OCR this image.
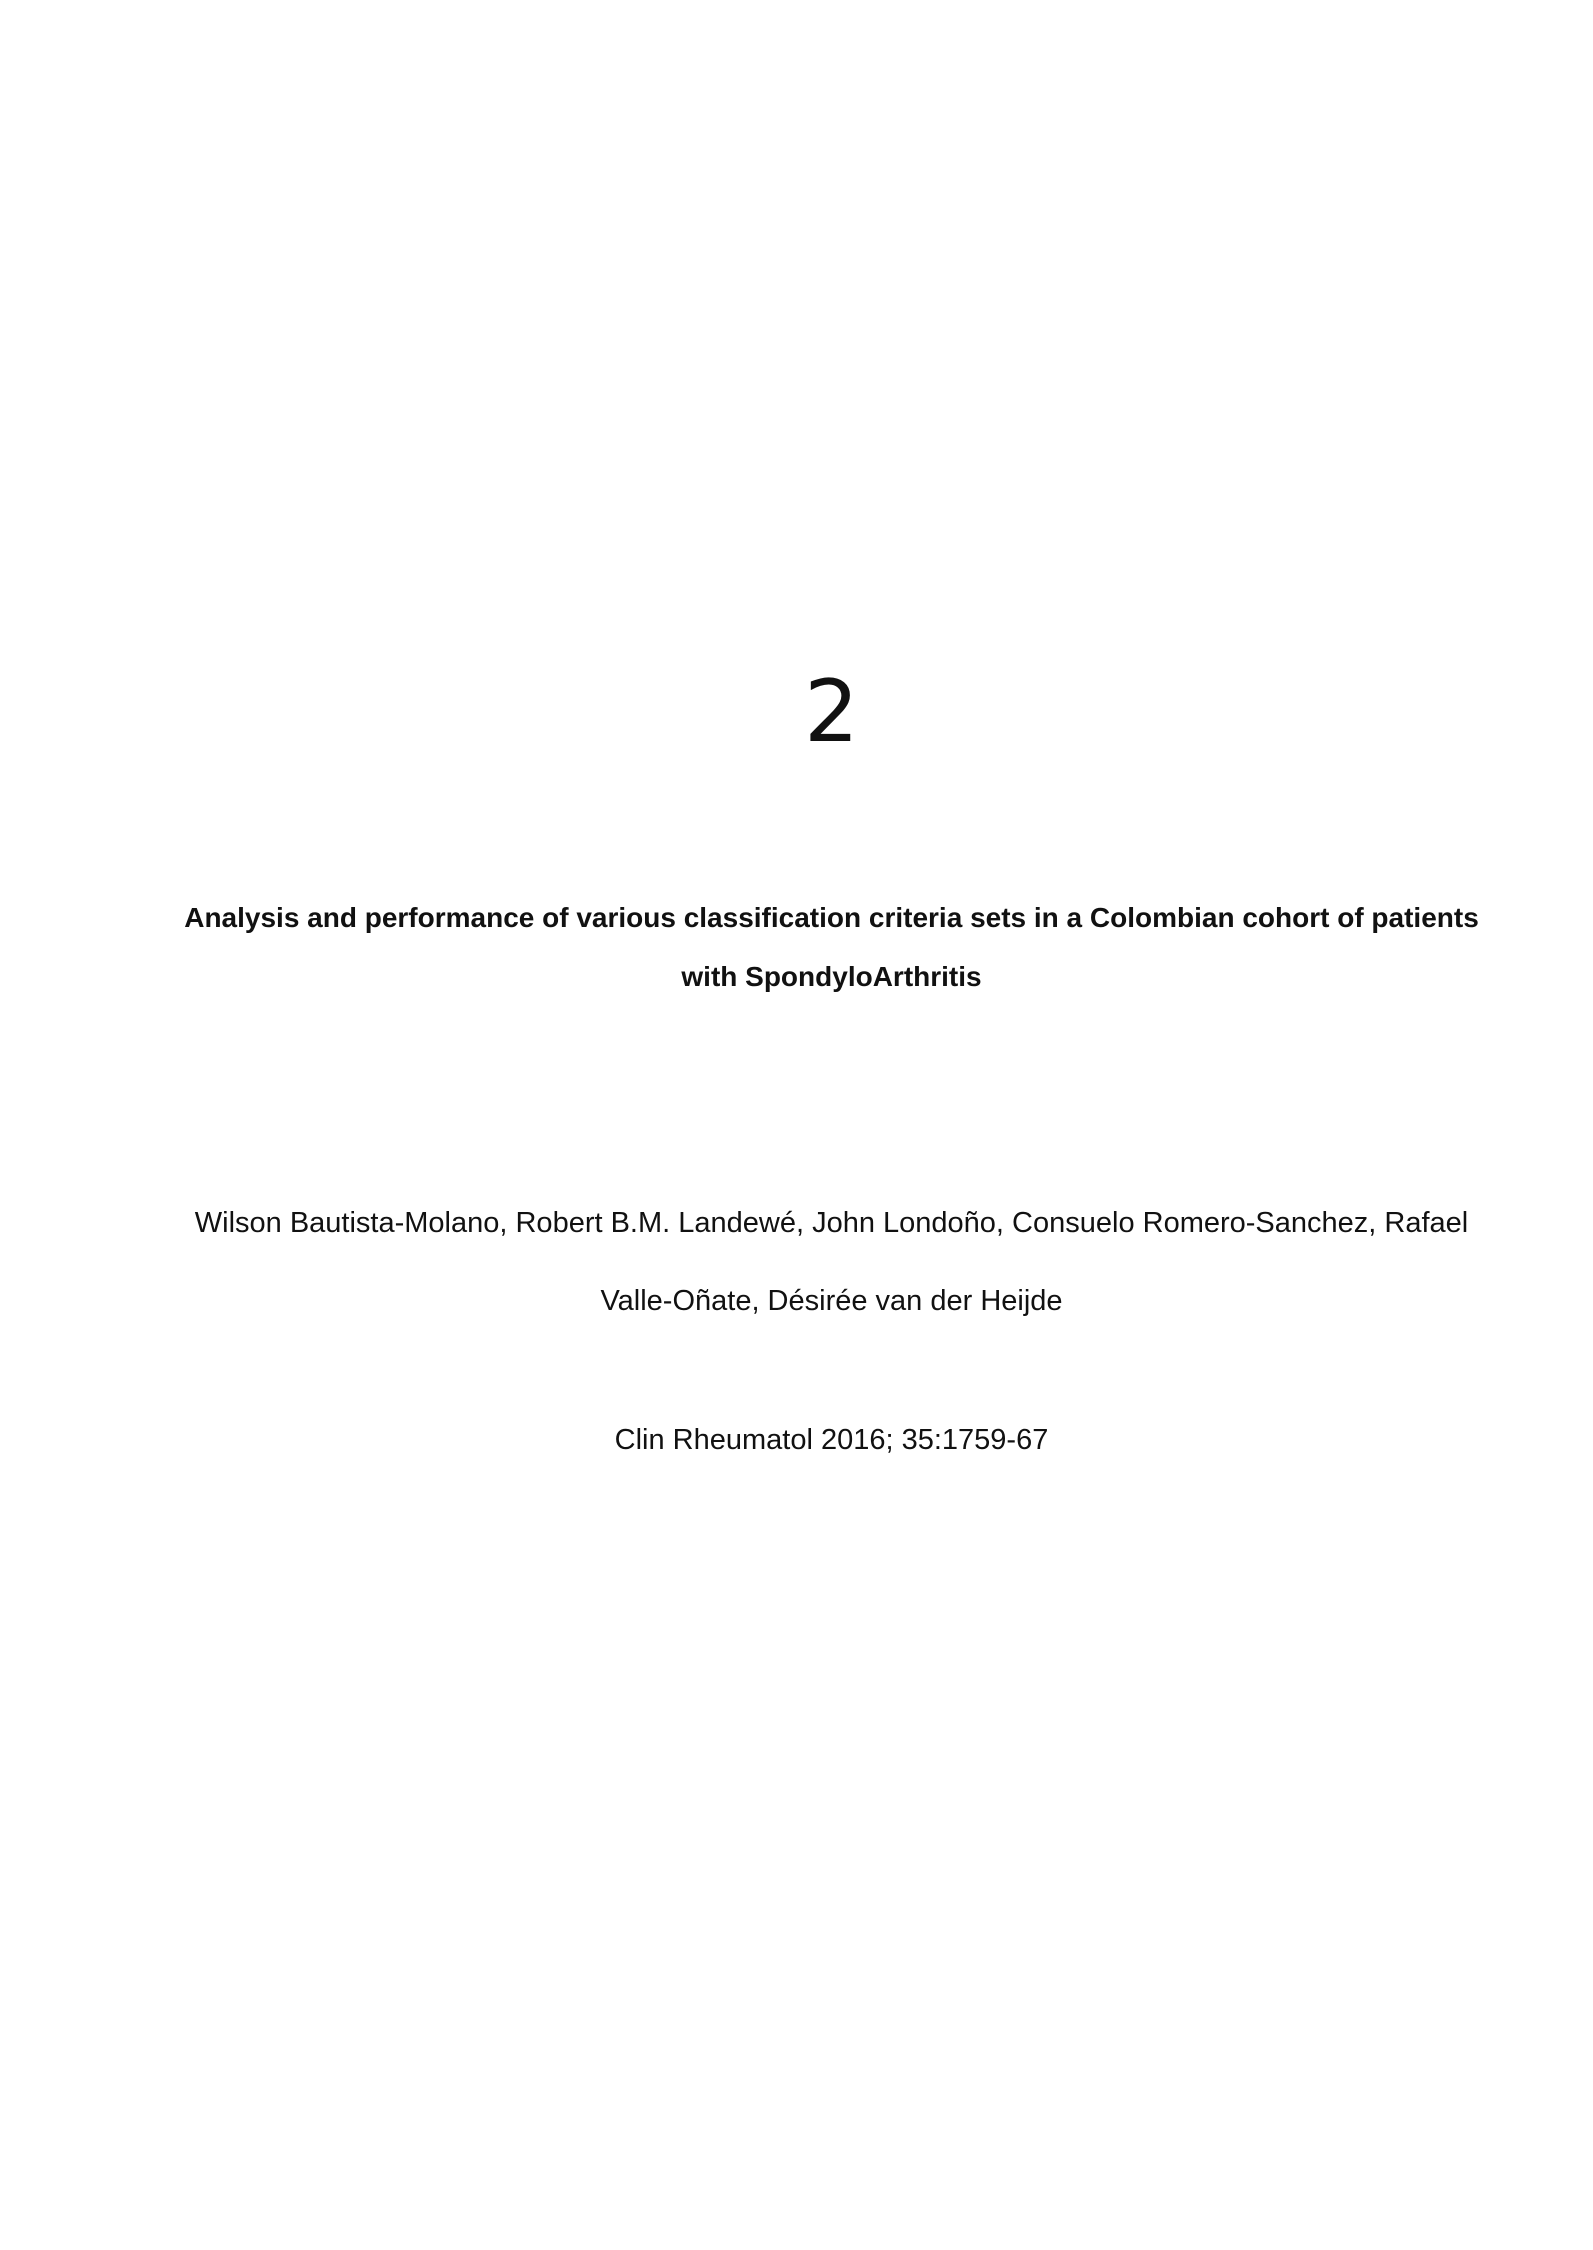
2
Analysis and performance of various classification criteria sets in a Colombian cohort of patients with SpondyloArthritis

Wilson Bautista-Molano, Robert B.M. Landewé, John Londoño, Consuelo Romero-Sanchez, Rafael Valle-Oñate, Désirée van der Heijde

Clin Rheumatol 2016; 35:1759-67
